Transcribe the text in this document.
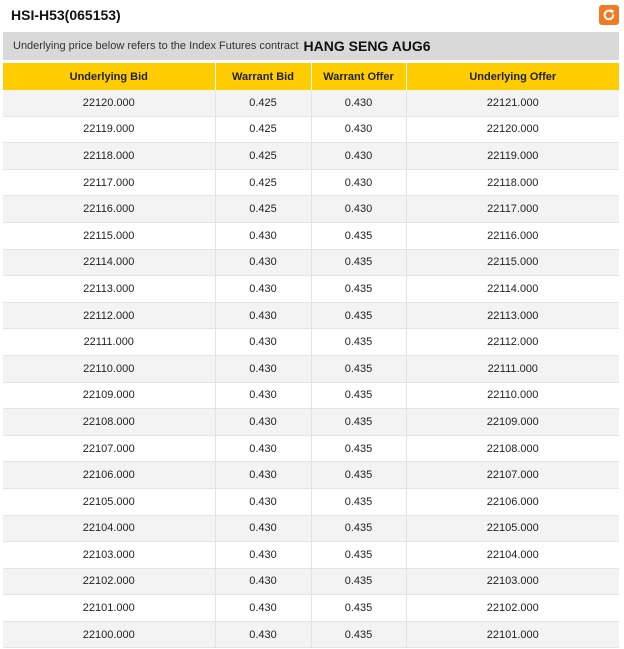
HSI-H53(065153)
Underlying price below refers to the Index Futures contract HANG SENG AUG6
Underlying Bid	Warrant Bid	Warrant Offer	Underlying Offer
22120.000	0.425	0.430	22121.000
22119.000	0.425	0.430	22120.000
22118.000	0.425	0.430	22119.000
22117.000	0.425	0.430	22118.000
22116.000	0.425	0.430	22117.000
22115.000	0.430	0.435	22116.000
22114.000	0.430	0.435	22115.000
22113.000	0.430	0.435	22114.000
22112.000	0.430	0.435	22113.000
22111.000	0.430	0.435	22112.000
22110.000	0.430	0.435	22111.000
22109.000	0.430	0.435	22110.000
22108.000	0.430	0.435	22109.000
22107.000	0.430	0.435	22108.000
22106.000	0.430	0.435	22107.000
22105.000	0.430	0.435	22106.000
22104.000	0.430	0.435	22105.000
22103.000	0.430	0.435	22104.000
22102.000	0.430	0.435	22103.000
22101.000	0.430	0.435	22102.000
22100.000	0.430	0.435	22101.000
